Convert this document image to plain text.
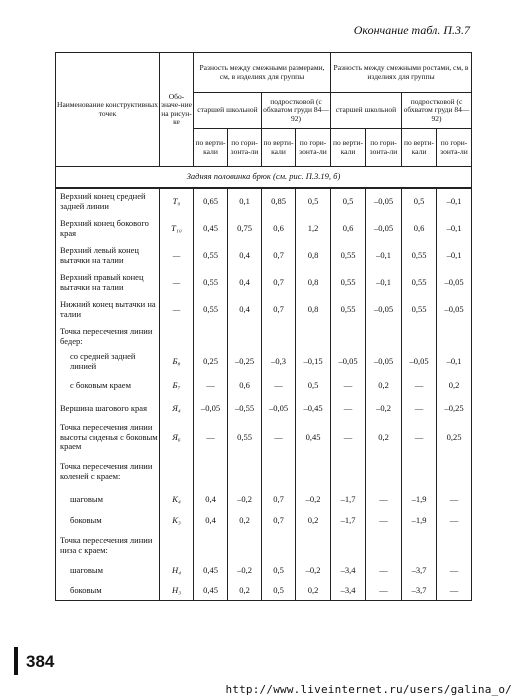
Окончание табл. П.3.7
Наименование конструктивных точек	Обо-значе-ние на рисун-ке	Разность между смежными размерами, см, в изделиях для группы				Разность между смежными ростами, см, в изделиях для группы			
		старшей школьной		подростковой (с обхватом груди 84—92)		старшей школьной		подростковой (с обхватом груди 84—92)	
		по верти-кали	по гори-зонта-ли	по верти-кали	по гори-зонта-ли	по верти-кали	по гори-зонта-ли	по верти-кали	по гори-зонта-ли
Задняя половинка брюк (см. рис. П.3.19, б)									
Верхний конец средней задней линии	T₉	0,65	0,1	0,85	0,5	0,5	–0,05	0,5	–0,1
Верхний конец бокового края	T₁₀	0,45	0,75	0,6	1,2	0,6	–0,05	0,6	–0,1
Верхний левый конец вытачки на талии	—	0,55	0,4	0,7	0,8	0,55	–0,1	0,55	–0,1
Верхний правый конец вытачки на талии	—	0,55	0,4	0,7	0,8	0,55	–0,1	0,55	–0,05
Нижний конец вытачки на талии	—	0,55	0,4	0,7	0,8	0,55	–0,05	0,55	–0,05
Точка пересечения линии бедер:									
со средней задней линией	Б₈	0,25	–0,25	–0,3	–0,15	–0,05	–0,05	–0,05	–0,1
с боковым краем	Б₇	—	0,6	—	0,5	—	0,2	—	0,2
Вершина шагового края	Я₄	–0,05	–0,55	–0,05	–0,45	—	–0,2	—	–0,25
Точка пересечения линии высоты сиденья с боковым краем	Я₆	—	0,55	—	0,45	—	0,2	—	0,25
Точка пересечения линии коленей с краем:									
шаговым	К₄	0,4	–0,2	0,7	–0,2	–1,7	—	–1,9	—
боковым	К₃	0,4	0,2	0,7	0,2	–1,7	—	–1,9	—
Точка пересечения линии низа с краем:									
шаговым	Н₄	0,45	–0,2	0,5	–0,2	–3,4	—	–3,7	—
боковым	Н₃	0,45	0,2	0,5	0,2	–3,4	—	–3,7	—
384
http://www.liveinternet.ru/users/galina_o/
